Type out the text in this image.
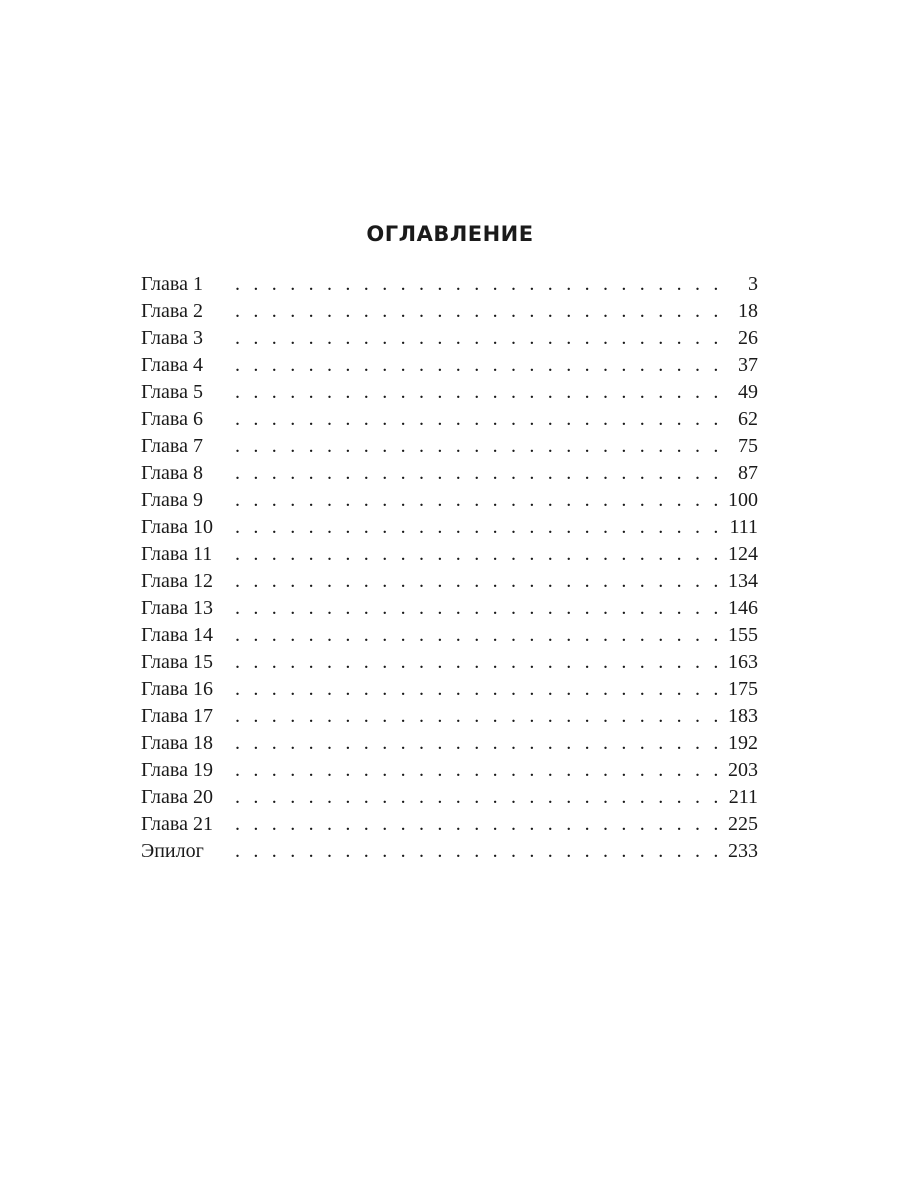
ОГЛАВЛЕНИЕ
Глава 1 . . .	3
Глава 2 . . .	18
Глава 3 . . .	26
Глава 4 . . .	37
Глава 5 . . .	49
Глава 6 . . .	62
Глава 7 . . .	75
Глава 8 . . .	87
Глава 9 . . .	100
Глава 10 . . .	111
Глава 11 . . .	124
Глава 12 . . .	134
Глава 13 . . .	146
Глава 14 . . .	155
Глава 15 . . .	163
Глава 16 . . .	175
Глава 17 . . .	183
Глава 18 . . .	192
Глава 19 . . .	203
Глава 20 . . .	211
Глава 21 . . .	225
Эпилог . . .	233
